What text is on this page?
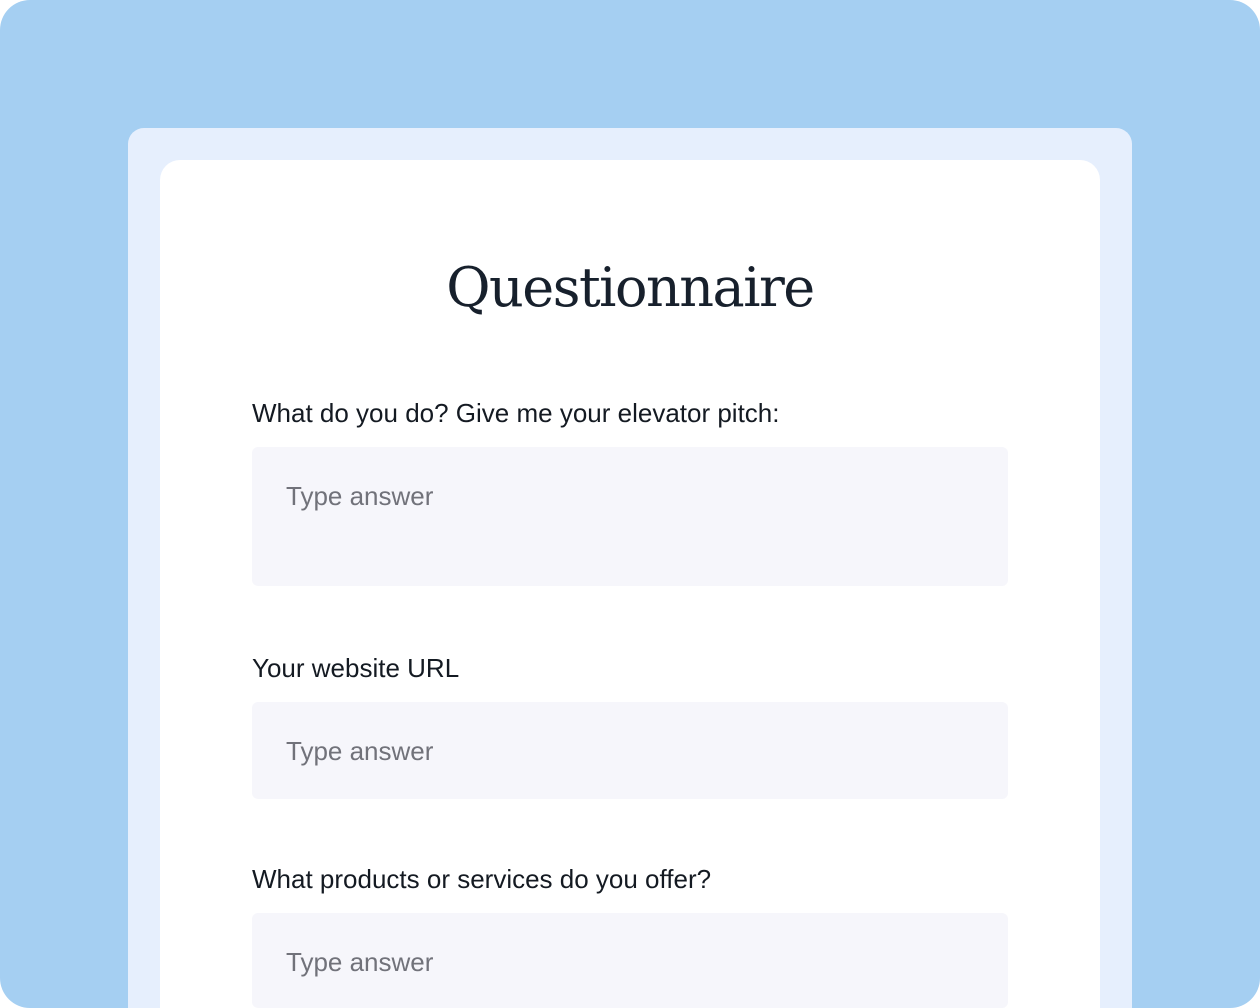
Questionnaire
What do you do? Give me your elevator pitch:
Type answer
Your website URL
Type answer
What products or services do you offer?
Type answer
